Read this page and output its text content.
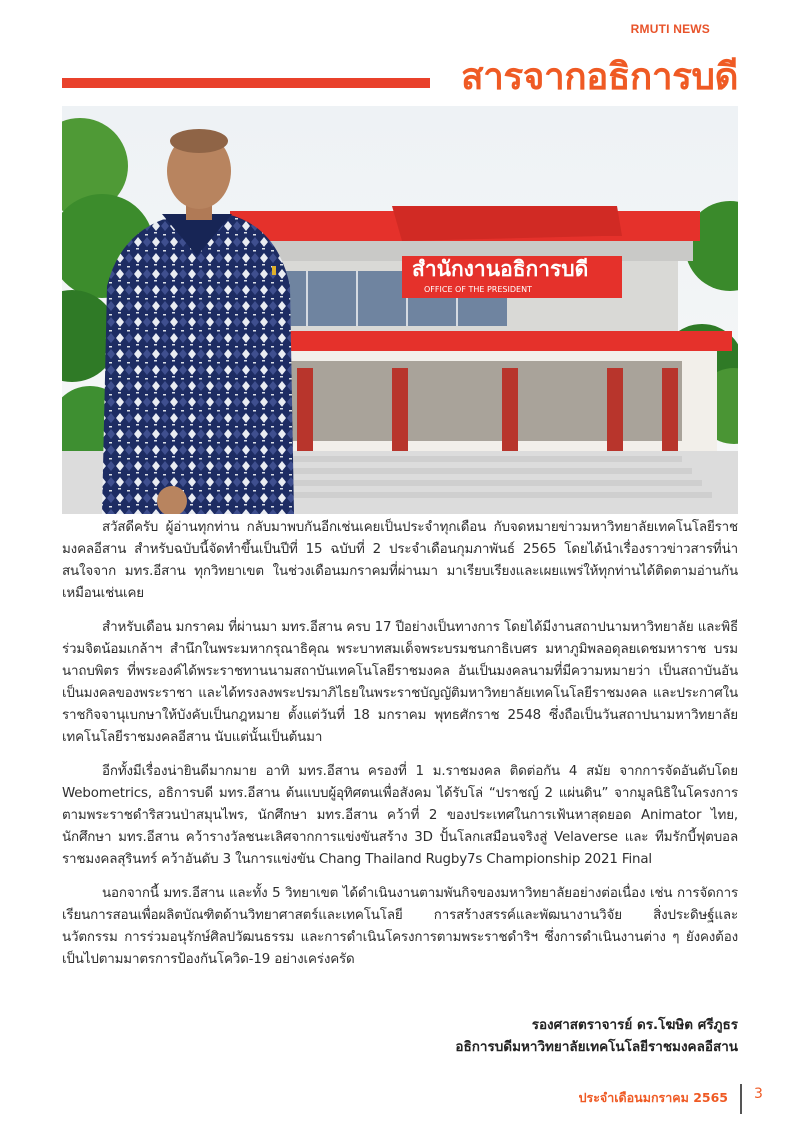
RMUTI NEWS
สารจากอธิการบดี
สำนักงานอธิการบดี
OFFICE OF THE PRESIDENT

สวัสดีครับ ผู้อ่านทุกท่าน กลับมาพบกันอีกเช่นเคยเป็นประจำทุกเดือน กับจดหมายข่าวมหาวิทยาลัยเทคโนโลยีราชมงคลอีสาน สำหรับฉบับนี้จัดทำขึ้นเป็นปีที่ 15 ฉบับที่ 2 ประจำเดือนกุมภาพันธ์ 2565 โดยได้นำเรื่องราวข่าวสารที่น่าสนใจจาก มทร.อีสาน ทุกวิทยาเขต ในช่วงเดือนมกราคมที่ผ่านมา มาเรียบเรียงและเผยแพร่ให้ทุกท่านได้ติดตามอ่านกันเหมือนเช่นเคย

สำหรับเดือน มกราคม ที่ผ่านมา มทร.อีสาน ครบ 17 ปีอย่างเป็นทางการ โดยได้มีงานสถาปนามหาวิทยาลัย และพิธีร่วมจิตน้อมเกล้าฯ สำนึกในพระมหากรุณาธิคุณ พระบาทสมเด็จพระบรมชนกาธิเบศร มหาภูมิพลอดุลยเดชมหาราช บรมนาถบพิตร ที่พระองค์ได้พระราชทานนามสถาบันเทคโนโลยีราชมงคล อันเป็นมงคลนามที่มีความหมายว่า เป็นสถาบันอันเป็นมงคลของพระราชา และได้ทรงลงพระปรมาภิไธยในพระราชบัญญัติมหาวิทยาลัยเทคโนโลยีราชมงคล และประกาศในราชกิจจานุเบกษาให้บังคับเป็นกฎหมาย ตั้งแต่วันที่ 18 มกราคม พุทธศักราช 2548 ซึ่งถือเป็นวันสถาปนามหาวิทยาลัยเทคโนโลยีราชมงคลอีสาน นับแต่นั้นเป็นต้นมา

อีกทั้งมีเรื่องน่ายินดีมากมาย อาทิ มทร.อีสาน ครองที่ 1 ม.ราชมงคล ติดต่อกัน 4 สมัย จากการจัดอันดับโดย Webometrics, อธิการบดี มทร.อีสาน ต้นแบบผู้อุทิศตนเพื่อสังคม ได้รับโล่ “ปราชญ์ 2 แผ่นดิน” จากมูลนิธิในโครงการตามพระราชดำริสวนป่าสมุนไพร, นักศึกษา มทร.อีสาน คว้าที่ 2 ของประเทศในการเฟ้นหาสุดยอด Animator ไทย, นักศึกษา มทร.อีสาน คว้ารางวัลชนะเลิศจากการแข่งขันสร้าง 3D ปั้นโลกเสมือนจริงสู่ Velaverse และ ทีมรักบี้ฟุตบอลราชมงคลสุรินทร์ คว้าอันดับ 3 ในการแข่งขัน Chang Thailand Rugby7s Championship 2021 Final

นอกจากนี้ มทร.อีสาน และทั้ง 5 วิทยาเขต ได้ดำเนินงานตามพันกิจของมหาวิทยาลัยอย่างต่อเนื่อง เช่น การจัดการเรียนการสอนเพื่อผลิตบัณฑิตด้านวิทยาศาสตร์และเทคโนโลยี การสร้างสรรค์และพัฒนางานวิจัย สิ่งประดิษฐ์และนวัตกรรม การร่วมอนุรักษ์ศิลปวัฒนธรรม และการดำเนินโครงการตามพระราชดำริฯ ซึ่งการดำเนินงานต่าง ๆ ยังคงต้องเป็นไปตามมาตรการป้องกันโควิด-19 อย่างเคร่งครัด

รองศาสตราจารย์ ดร.โฆษิต ศรีภูธร
อธิการบดีมหาวิทยาลัยเทคโนโลยีราชมงคลอีสาน
ประจำเดือนมกราคม 2565 3
